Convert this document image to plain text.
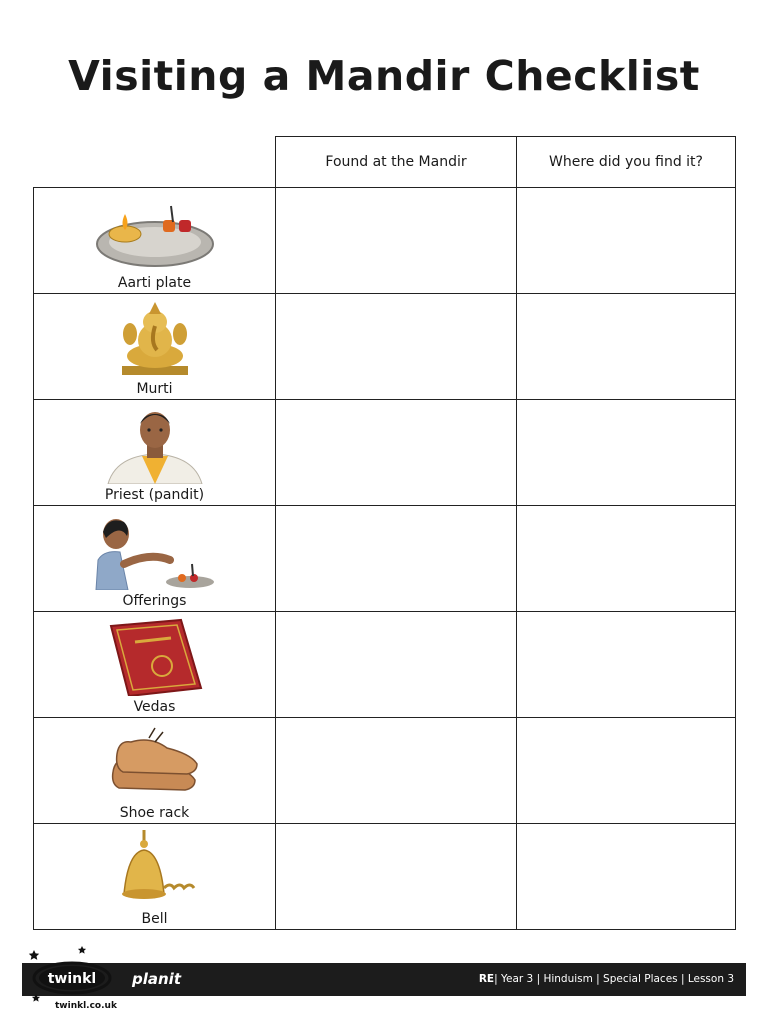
Visiting a Mandir Checklist
	Found at the Mandir	Where did you find it?

Aarti plate		

Murti		

Priest (pandit)		

Offerings		

Vedas		

Shoe rack		

Bell		

planit	RE| Year 3 | Hinduism | Special Places | Lesson 3
twinkl
twinkl.co.uk
